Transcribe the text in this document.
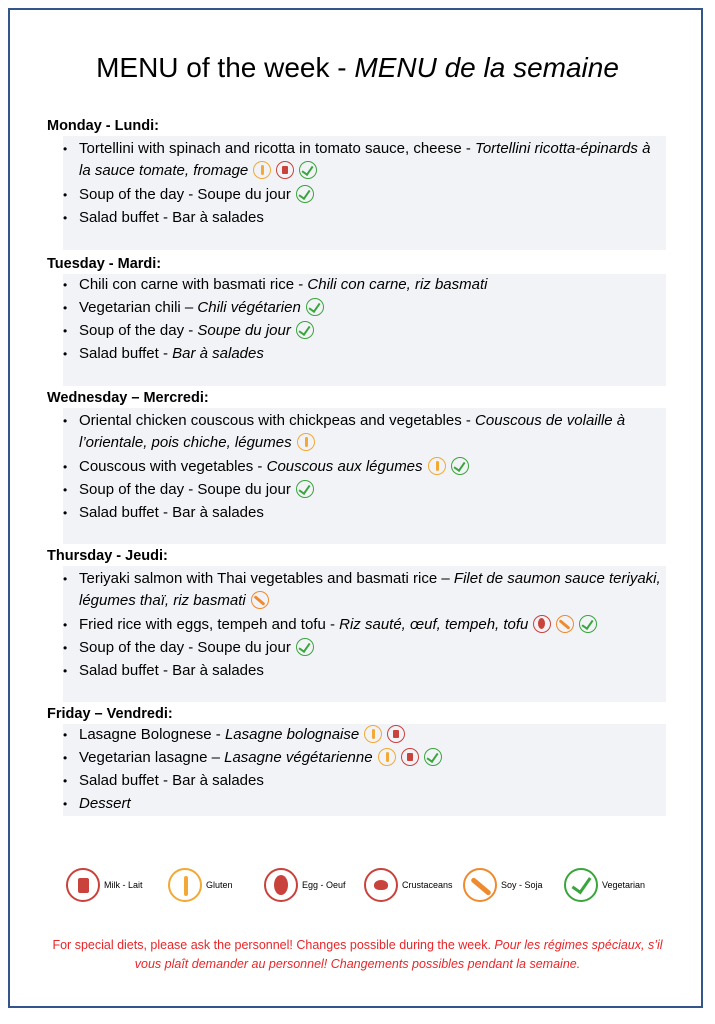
MENU of the week - MENU de la semaine
Monday - Lundi:
• Tortellini with spinach and ricotta in tomato sauce, cheese - Tortellini ricotta-épinards à la sauce tomate, fromage
• Soup of the day - Soupe du jour
• Salad buffet - Bar à salades
Tuesday - Mardi:
• Chili con carne with basmati rice - Chili con carne, riz basmati
• Vegetarian chili – Chili végétarien
• Soup of the day - Soupe du jour
• Salad buffet - Bar à salades
Wednesday – Mercredi:
• Oriental chicken couscous with chickpeas and vegetables - Couscous de volaille à l’orientale, pois chiche, légumes
• Couscous with vegetables - Couscous aux légumes
• Soup of the day - Soupe du jour
• Salad buffet - Bar à salades
Thursday - Jeudi:
• Teriyaki salmon with Thai vegetables and basmati rice – Filet de saumon sauce teriyaki, légumes thaï, riz basmati
• Fried rice with eggs, tempeh and tofu - Riz sauté, œuf, tempeh, tofu
• Soup of the day - Soupe du jour
• Salad buffet - Bar à salades
Friday – Vendredi:
• Lasagne Bolognese - Lasagne bolognaise
• Vegetarian lasagne – Lasagne végétarienne
• Salad buffet - Bar à salades
• Dessert
Milk - Lait	Gluten	Egg - Oeuf	Crustaceans	Soy - Soja	Vegetarian
For special diets, please ask the personnel! Changes possible during the week. Pour les régimes spéciaux, s’il vous plaît demander au personnel! Changements possibles pendant la semaine.
